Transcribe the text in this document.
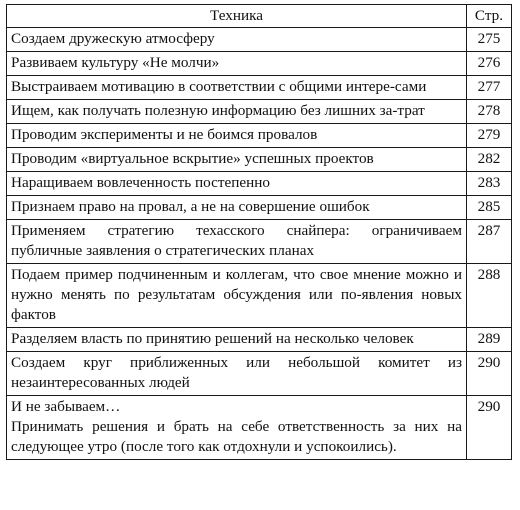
Техника	Стр.
Создаем дружескую атмосферу	275
Развиваем культуру «Не молчи»	276
Выстраиваем мотивацию в соответствии с общими интере-сами	277
Ищем, как получать полезную информацию без лишних за-трат	278
Проводим эксперименты и не боимся провалов	279
Проводим «виртуальное вскрытие» успешных проектов	282
Наращиваем вовлеченность постепенно	283
Признаем право на провал, а не на совершение ошибок	285
Применяем стратегию техасского снайпера: ограничиваем публичные заявления о стратегических планах	287
Подаем пример подчиненным и коллегам, что свое мнение можно и нужно менять по результатам обсуждения или по-явления новых фактов	288
Разделяем власть по принятию решений на несколько человек	289
Создаем круг приближенных или небольшой комитет из незаинтересованных людей	290

И не забываем…
Принимать решения и брать на себе ответственность за них на следующее утро (после того как отдохнули и успокоились).	290
